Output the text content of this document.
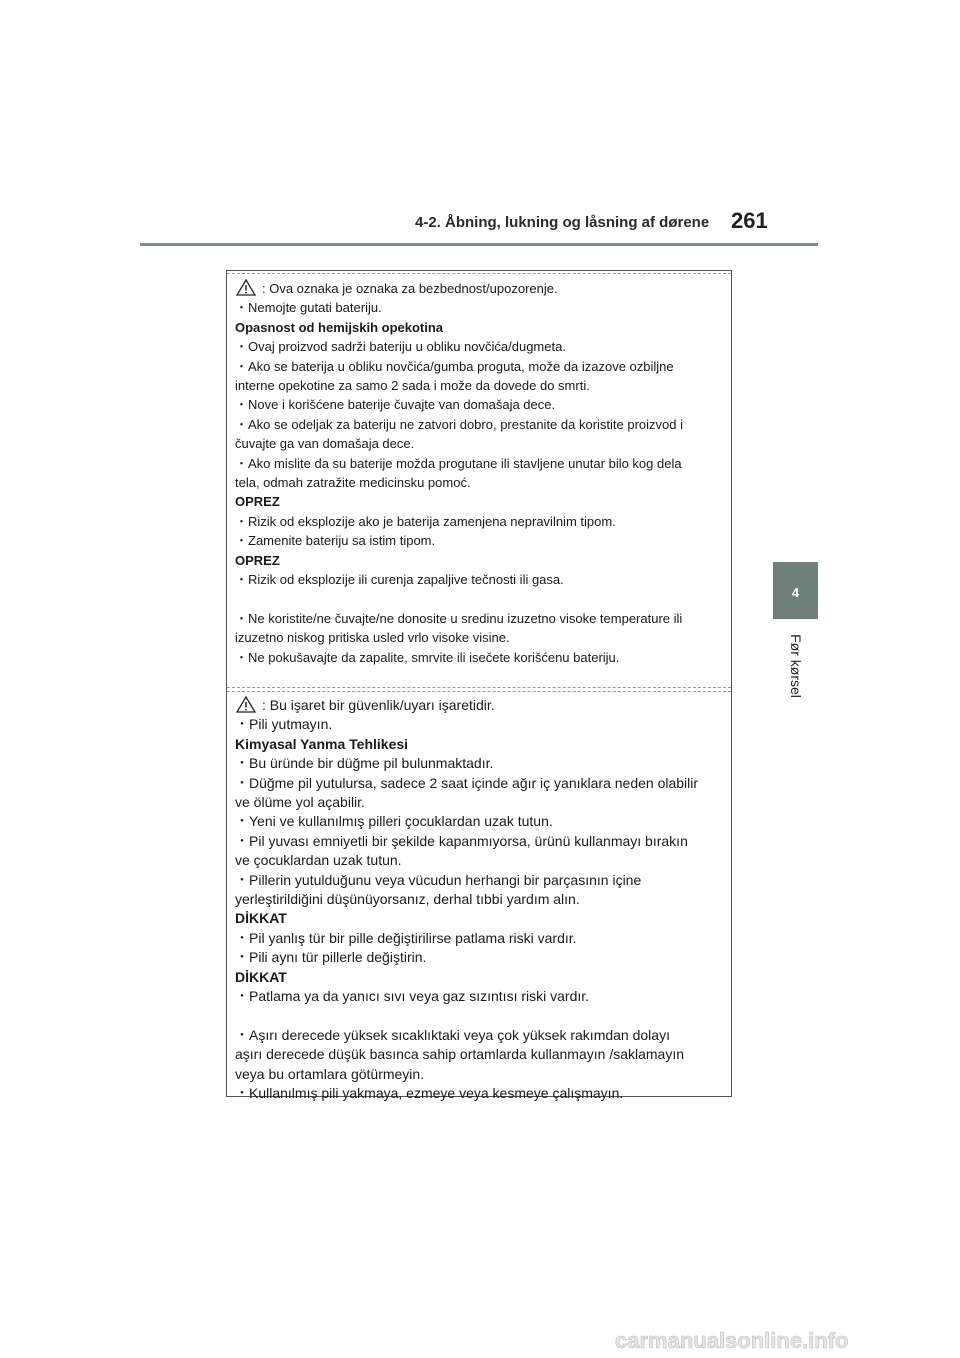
4-2. Åbning, lukning og låsning af dørene 261
4
Før kørsel
: Ova oznaka je oznaka za bezbednost/upozorenje.
・Nemojte gutati bateriju.
Opasnost od hemijskih opekotina
・Ovaj proizvod sadrži bateriju u obliku novčića/dugmeta.
・Ako se baterija u obliku novčića/gumba proguta, može da izazove ozbiljne
interne opekotine za samo 2 sada i može da dovede do smrti.
・Nove i korišćene baterije čuvajte van domašaja dece.
・Ako se odeljak za bateriju ne zatvori dobro, prestanite da koristite proizvod i
čuvajte ga van domašaja dece.
・Ako mislite da su baterije možda progutane ili stavljene unutar bilo kog dela
tela, odmah zatražite medicinsku pomoć.
OPREZ
・Rizik od eksplozije ako je baterija zamenjena nepravilnim tipom.
・Zamenite bateriju sa istim tipom.
OPREZ
・Rizik od eksplozije ili curenja zapaljive tečnosti ili gasa.
・Ne koristite/ne čuvajte/ne donosite u sredinu izuzetno visoke temperature ili
izuzetno niskog pritiska usled vrlo visoke visine.
・Ne pokušavajte da zapalite, smrvite ili isečete korišćenu bateriju.
: Bu işaret bir güvenlik/uyarı işaretidir.
・Pili yutmayın.
Kimyasal Yanma Tehlikesi
・Bu üründe bir düğme pil bulunmaktadır.
・Düğme pil yutulursa, sadece 2 saat içinde ağır iç yanıklara neden olabilir
ve ölüme yol açabilir.
・Yeni ve kullanılmış pilleri çocuklardan uzak tutun.
・Pil yuvası emniyetli bir şekilde kapanmıyorsa, ürünü kullanmayı bırakın
ve çocuklardan uzak tutun.
・Pillerin yutulduğunu veya vücudun herhangi bir parçasının içine
yerleştirildiğini düşünüyorsanız, derhal tıbbi yardım alın.
DİKKAT
・Pil yanlış tür bir pille değiştirilirse patlama riski vardır.
・Pili aynı tür pillerle değiştirin.
DİKKAT
・Patlama ya da yanıcı sıvı veya gaz sızıntısı riski vardır.
・Aşırı derecede yüksek sıcaklıktaki veya çok yüksek rakımdan dolayı
aşırı derecede düşük basınca sahip ortamlarda kullanmayın /saklamayın
veya bu ortamlara götürmeyin.
・Kullanılmış pili yakmaya, ezmeye veya kesmeye çalışmayın.
carmanualsonline.info
